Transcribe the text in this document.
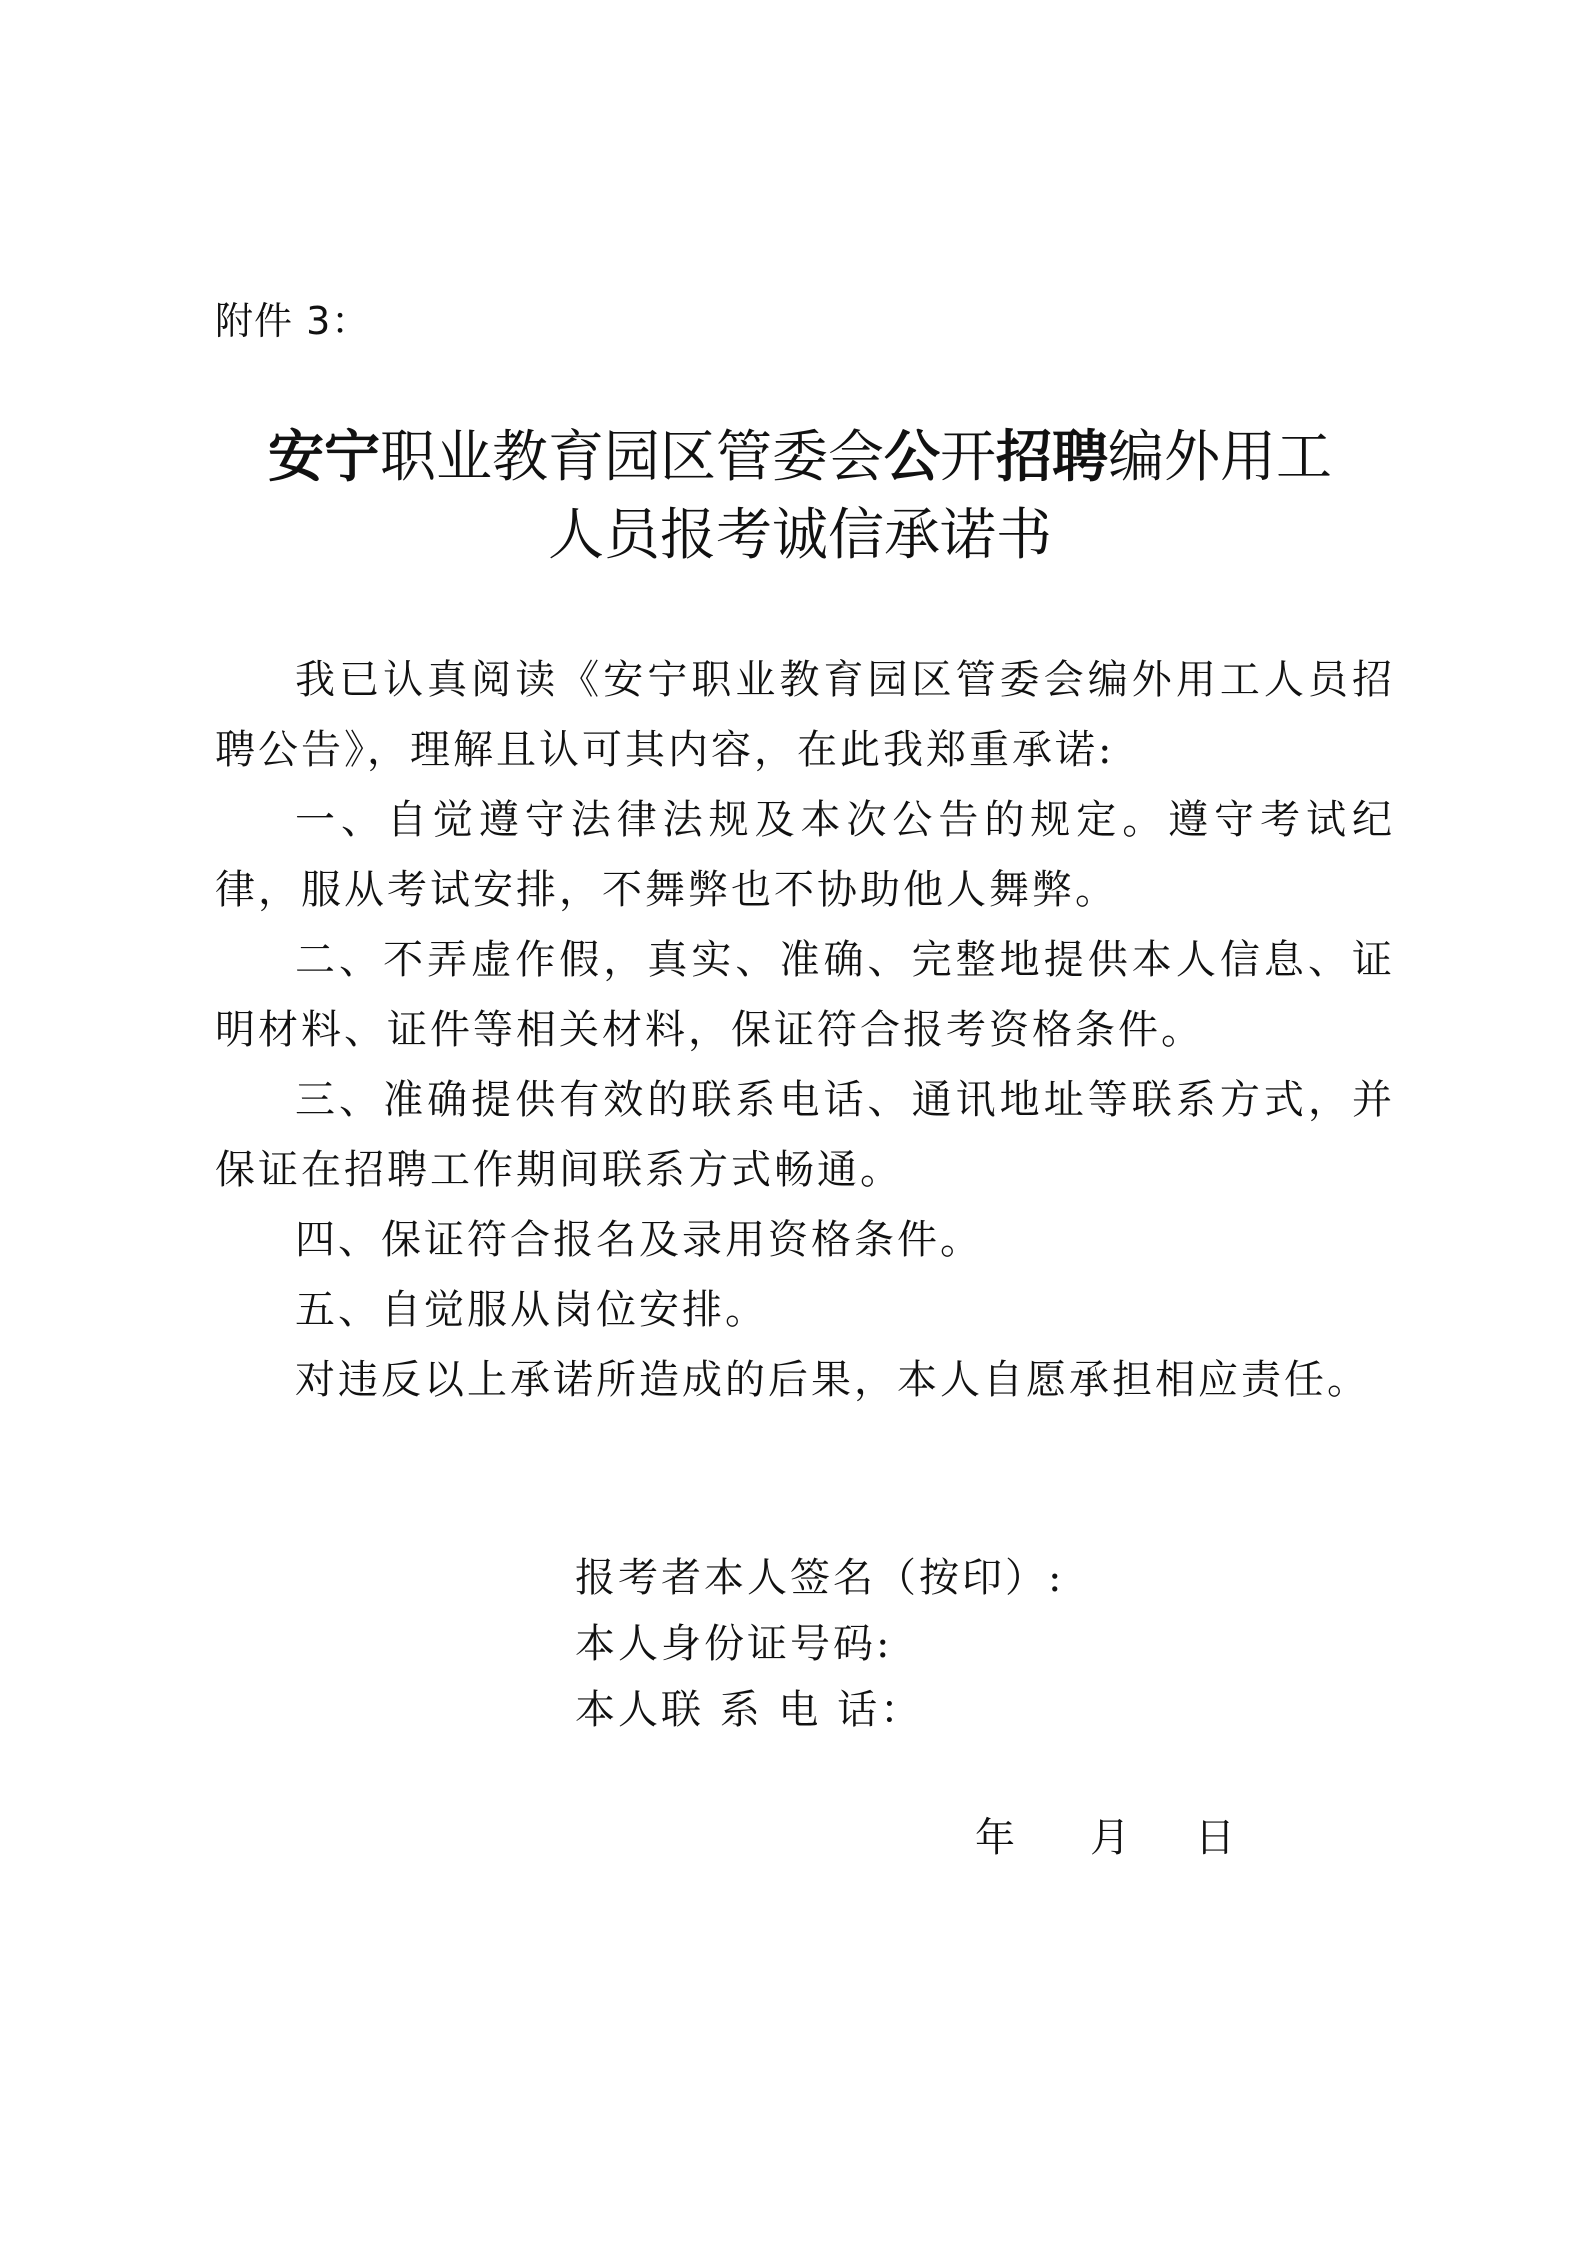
附件 3：
安宁职业教育园区管委会公开招聘编外用工
人员报考诚信承诺书

我已认真阅读《安宁职业教育园区管委会编外用工人员招聘公告》，理解且认可其内容，在此我郑重承诺:

一、自觉遵守法律法规及本次公告的规定。遵守考试纪律，服从考试安排，不舞弊也不协助他人舞弊。

二、不弄虚作假，真实、准确、完整地提供本人信息、证明材料、证件等相关材料，保证符合报考资格条件。

三、准确提供有效的联系电话、通讯地址等联系方式，并保证在招聘工作期间联系方式畅通。

四、保证符合报名及录用资格条件。

五、自觉服从岗位安排。

对违反以上承诺所造成的后果，本人自愿承担相应责任。

报考者本人签名（按印）:
本人身份证号码:
本人联 系 电 话：
年 月 日
